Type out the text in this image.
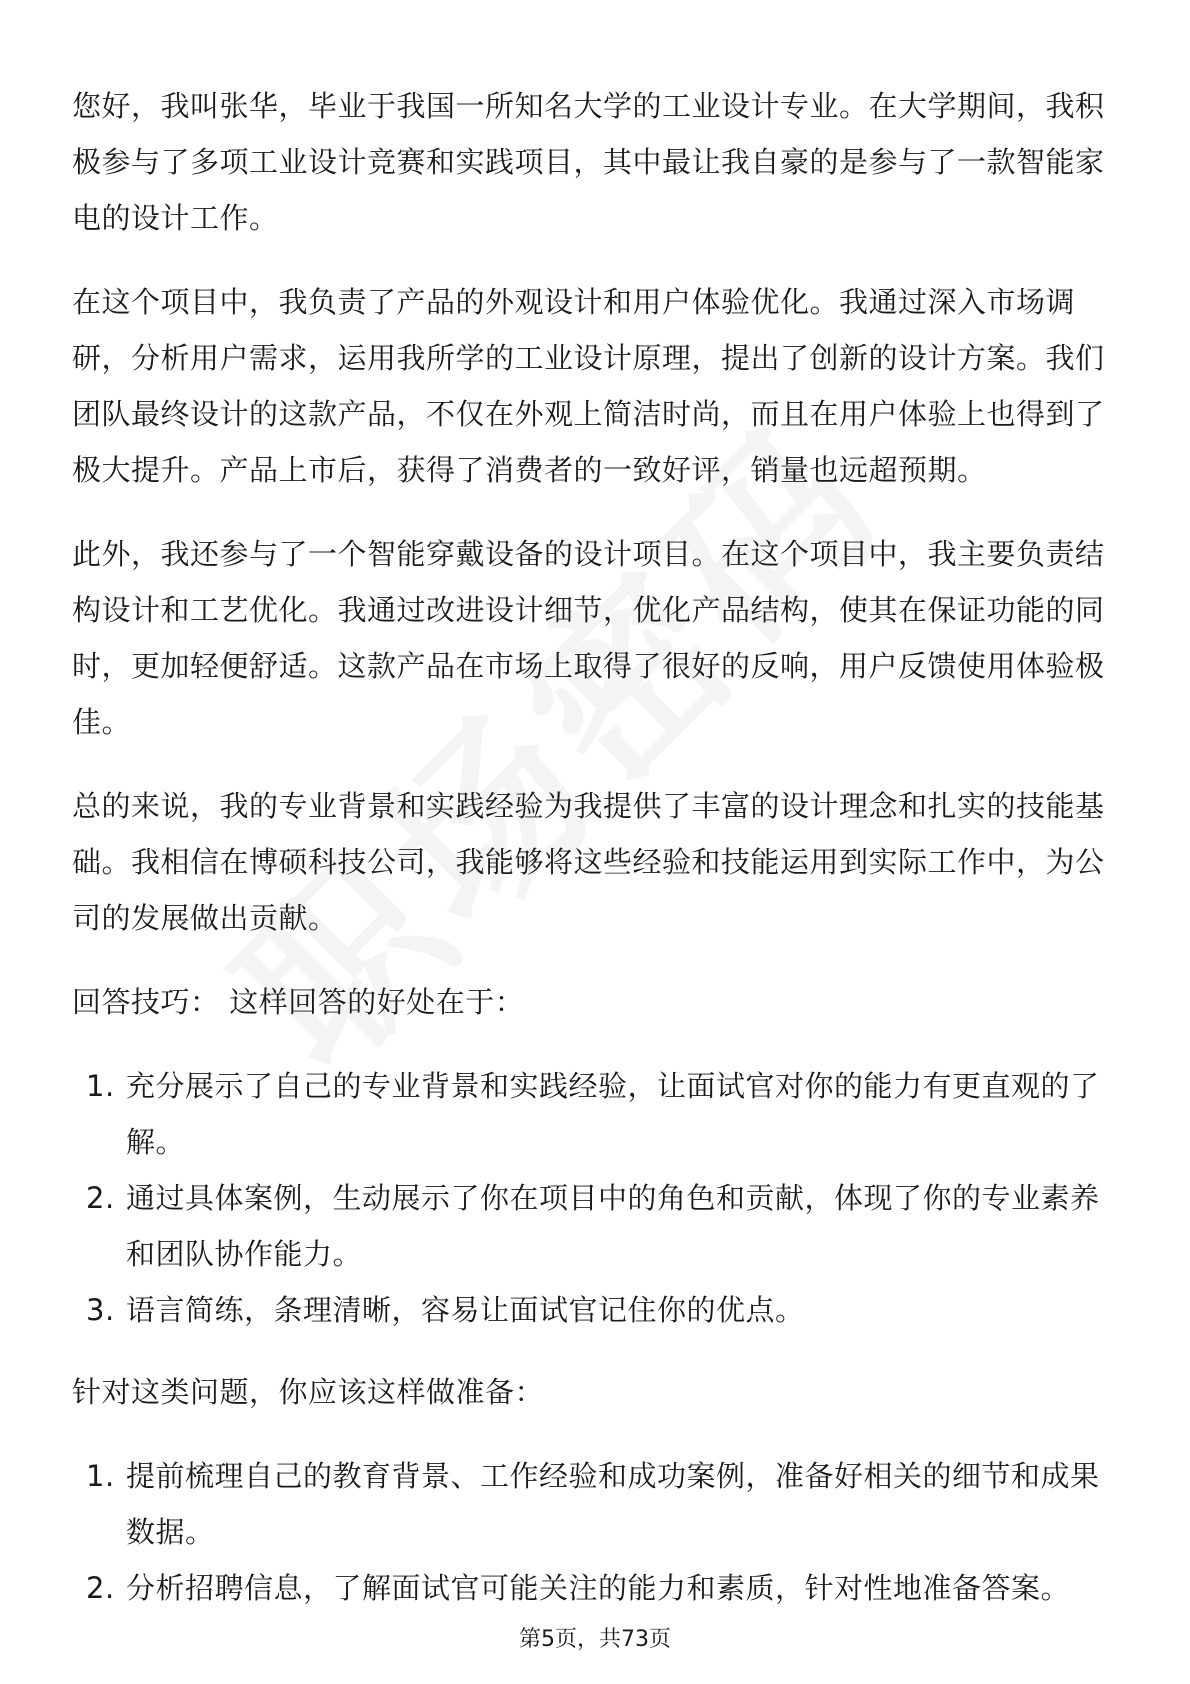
您好，我叫张华，毕业于我国一所知名大学的工业设计专业。在大学期间，我积极参与了多项工业设计竞赛和实践项目，其中最让我自豪的是参与了一款智能家电的设计工作。

在这个项目中，我负责了产品的外观设计和用户体验优化。我通过深入市场调研，分析用户需求，运用我所学的工业设计原理，提出了创新的设计方案。我们团队最终设计的这款产品，不仅在外观上简洁时尚，而且在用户体验上也得到了极大提升。产品上市后，获得了消费者的一致好评，销量也远超预期。

此外，我还参与了一个智能穿戴设备的设计项目。在这个项目中，我主要负责结构设计和工艺优化。我通过改进设计细节，优化产品结构，使其在保证功能的同时，更加轻便舒适。这款产品在市场上取得了很好的反响，用户反馈使用体验极佳。

总的来说，我的专业背景和实践经验为我提供了丰富的设计理念和扎实的技能基础。我相信在博硕科技公司，我能够将这些经验和技能运用到实际工作中，为公司的发展做出贡献。

回答技巧： 这样回答的好处在于：

1. 充分展示了自己的专业背景和实践经验，让面试官对你的能力有更直观的了解。
2. 通过具体案例，生动展示了你在项目中的角色和贡献，体现了你的专业素养和团队协作能力。
3. 语言简练，条理清晰，容易让面试官记住你的优点。

针对这类问题，你应该这样做准备：

1. 提前梳理自己的教育背景、工作经验和成功案例，准备好相关的细节和成果数据。
2. 分析招聘信息，了解面试官可能关注的能力和素质，针对性地准备答案。
第5页，共73页
